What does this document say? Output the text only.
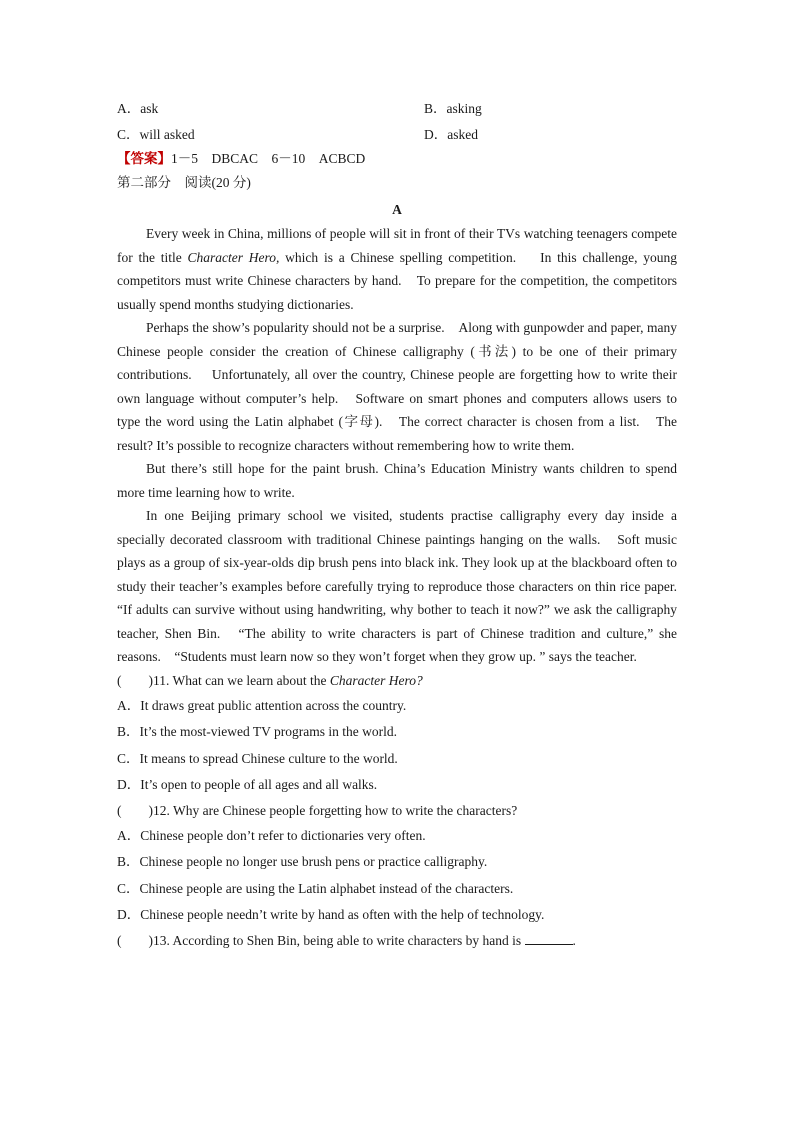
A．ask	B．asking
C．will asked	D．asked
【答案】1－5　DBCAC　6－10　ACBCD
第二部分　阅读(20 分)
A
Every week in China, millions of people will sit in front of their TVs watching teenagers compete for the title Character Hero, which is a Chinese spelling competition.　 In this challenge, young competitors must write Chinese characters by hand.　To prepare for the competition, the competitors usually spend months studying dictionaries.
Perhaps the show’s popularity should not be a surprise.　Along with gunpowder and paper, many Chinese people consider the creation of Chinese calligraphy (书法) to be one of their primary contributions.　 Unfortunately, all over the country, Chinese people are forgetting how to write their own language without computer’s help.　Software on smart phones and computers allows users to type the word using the Latin alphabet (字母).　The correct character is chosen from a list.　The result? It’s possible to recognize characters without remembering how to write them.
But there’s still hope for the paint brush. China’s Education Ministry wants children to spend more time learning how to write.
In one Beijing primary school we visited, students practise calligraphy every day inside a specially decorated classroom with traditional Chinese paintings hanging on the walls.　Soft music plays as a group of six-year-olds dip brush pens into black ink. They look up at the blackboard often to study their teacher’s examples before carefully trying to reproduce those characters on thin rice paper. “If adults can survive without using handwriting, why bother to teach it now?” we ask the calligraphy teacher, Shen Bin.　“The ability to write characters is part of Chinese tradition and culture,” she reasons.　“Students must learn now so they won’t forget when they grow up. ” says the teacher.
(　　)11. What can we learn about the Character Hero?
A．It draws great public attention across the country.
B．It’s the most-viewed TV programs in the world.
C．It means to spread Chinese culture to the world.
D．It’s open to people of all ages and all walks.
(　　)12. Why are Chinese people forgetting how to write the characters?
A．Chinese people don’t refer to dictionaries very often.
B．Chinese people no longer use brush pens or practice calligraphy.
C．Chinese people are using the Latin alphabet instead of the characters.
D．Chinese people needn’t write by hand as often with the help of technology.
(　　)13. According to Shen Bin, being able to write characters by hand is	.
